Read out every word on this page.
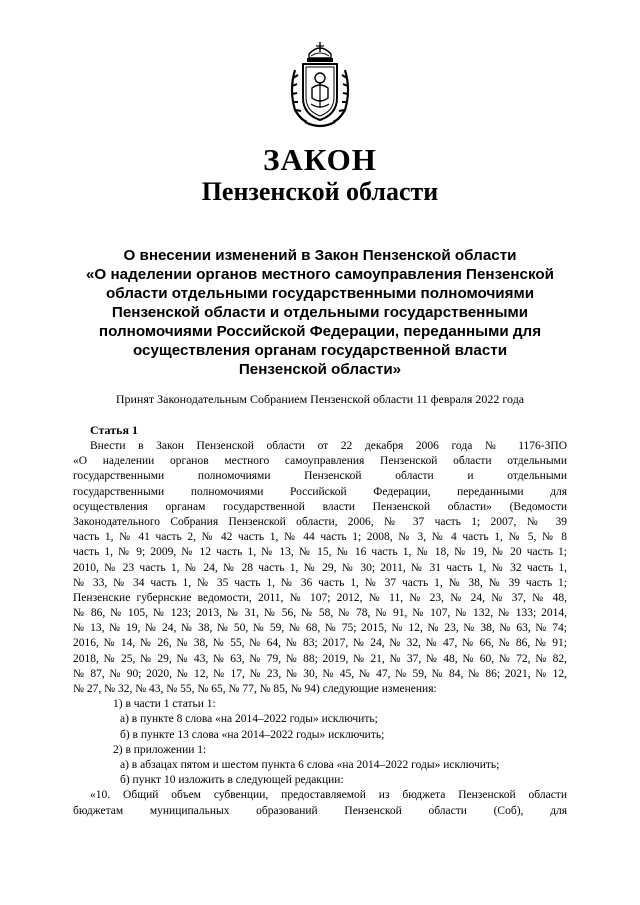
ЗАКОН
Пензенской области
О внесении изменений в Закон Пензенской области
«О наделении органов местного самоуправления Пензенской
области отдельными государственными полномочиями
Пензенской области и отдельными государственными
полномочиями Российской Федерации, переданными для
осуществления органам государственной власти
Пензенской области»
Принят Законодательным Собранием Пензенской области 11 февраля 2022 года
Статья 1
Внести в Закон Пензенской области от 22 декабря 2006 года № 1176-ЗПО
«О наделении органов местного самоуправления Пензенской области отдельными
государственными полномочиями Пензенской области и отдельными
государственными полномочиями Российской Федерации, переданными для
осуществления органам государственной власти Пензенской области» (Ведомости
Законодательного Собрания Пензенской области, 2006, № 37 часть 1; 2007, № 39
часть 1, № 41 часть 2, № 42 часть 1, № 44 часть 1; 2008, № 3, № 4 часть 1, № 5, № 8
часть 1, № 9; 2009, № 12 часть 1, № 13, № 15, № 16 часть 1, № 18, № 19, № 20 часть 1;
2010, № 23 часть 1, № 24, № 28 часть 1, № 29, № 30; 2011, № 31 часть 1, № 32 часть 1,
№ 33, № 34 часть 1, № 35 часть 1, № 36 часть 1, № 37 часть 1, № 38, № 39 часть 1;
Пензенские губернские ведомости, 2011, № 107; 2012, № 11, № 23, № 24, № 37, № 48,
№ 86, № 105, № 123; 2013, № 31, № 56, № 58, № 78, № 91, № 107, № 132, № 133; 2014,
№ 13, № 19, № 24, № 38, № 50, № 59, № 68, № 75; 2015, № 12, № 23, № 38, № 63, № 74;
2016, № 14, № 26, № 38, № 55, № 64, № 83; 2017, № 24, № 32, № 47, № 66, № 86, № 91;
2018, № 25, № 29, № 43, № 63, № 79, № 88; 2019, № 21, № 37, № 48, № 60, № 72, № 82,
№ 87, № 90; 2020, № 12, № 17, № 23, № 30, № 45, № 47, № 59, № 84, № 86; 2021, № 12,
№ 27, № 32, № 43, № 55, № 65, № 77, № 85, № 94) следующие изменения:
1) в части 1 статьи 1:
а) в пункте 8 слова «на 2014–2022 годы» исключить;
б) в пункте 13 слова «на 2014–2022 годы» исключить;
2) в приложении 1:
а) в абзацах пятом и шестом пункта 6 слова «на 2014–2022 годы» исключить;
б) пункт 10 изложить в следующей редакции:
«10. Общий объем субвенции, предоставляемой из бюджета Пензенской области
бюджетам муниципальных образований Пензенской области (Cоб), для
